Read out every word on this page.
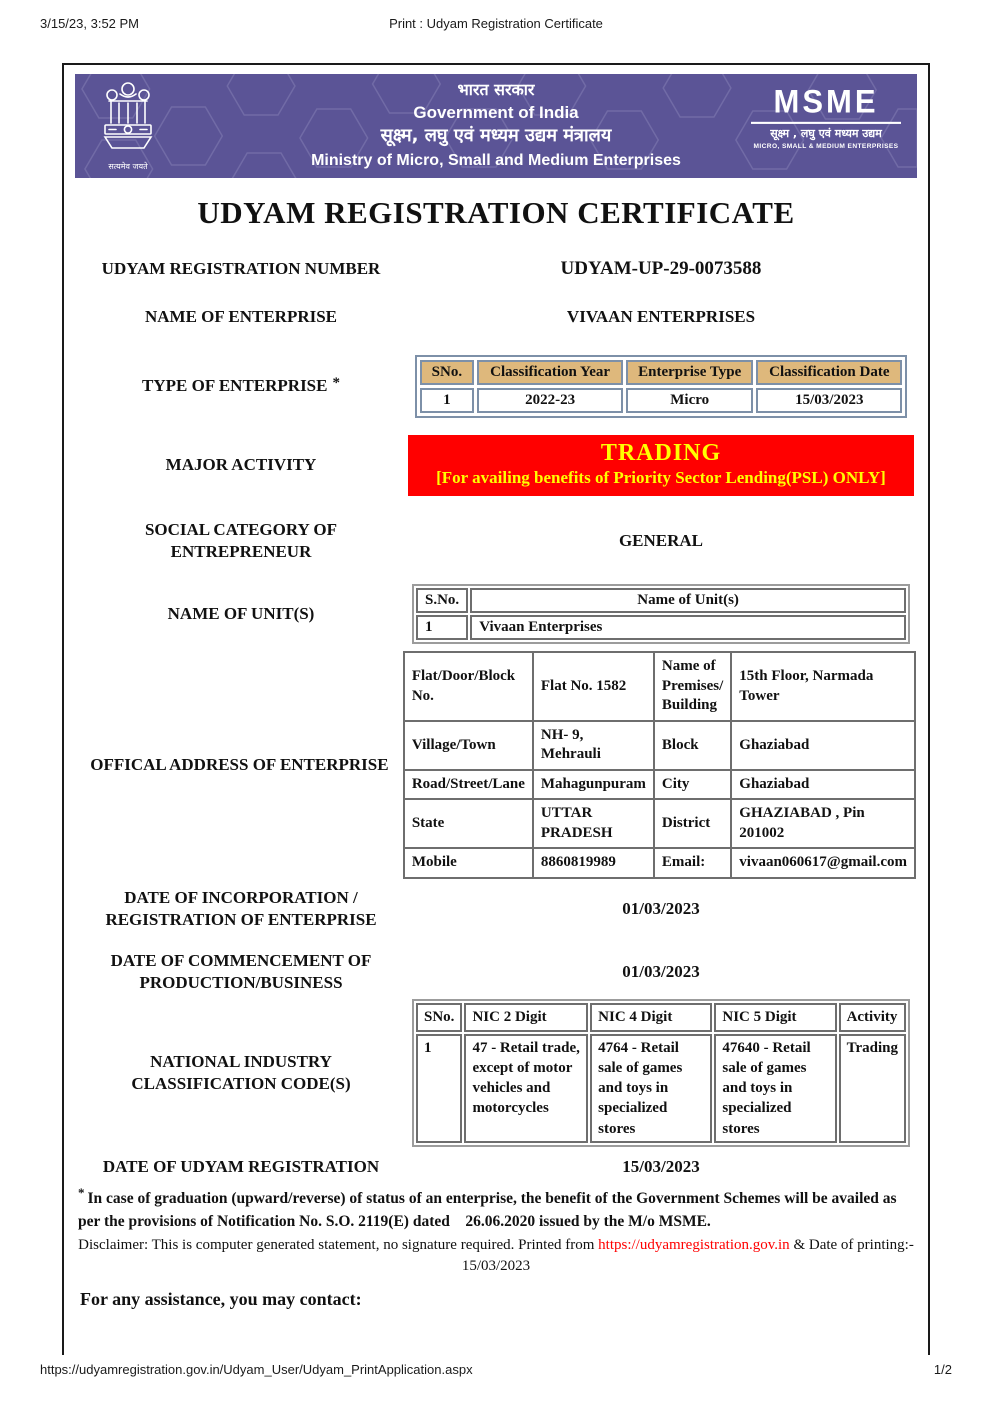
3/15/23, 3:52 PM	Print : Udyam Registration Certificate
सत्यमेव जयते
भारत सरकार
Government of India
सूक्ष्म, लघु एवं मध्यम उद्यम मंत्रालय
Ministry of Micro, Small and Medium Enterprises
MSME
सूक्ष्म , लघु एवं मध्यम उद्यम
MICRO, SMALL & MEDIUM ENTERPRISES
UDYAM REGISTRATION CERTIFICATE
UDYAM REGISTRATION NUMBER	UDYAM-UP-29-0073588
NAME OF ENTERPRISE	VIVAAN ENTERPRISES
TYPE OF ENTERPRISE *
SNo.	Classification Year	Enterprise Type	Classification Date
1	2022-23	Micro	15/03/2023
MAJOR ACTIVITY	TRADING
[For availing benefits of Priority Sector Lending(PSL) ONLY]
SOCIAL CATEGORY OF ENTREPRENEUR
GENERAL
NAME OF UNIT(S)
S.No.	Name of Unit(s)
1	Vivaan Enterprises
OFFICAL ADDRESS OF ENTERPRISE
Flat/Door/Block No.	Flat No. 1582	Name of Premises/ Building	15th Floor, Narmada Tower
Village/Town	NH- 9, Mehrauli	Block	Ghaziabad
Road/Street/Lane	Mahagunpuram	City	Ghaziabad
State	UTTAR PRADESH	District	GHAZIABAD , Pin 201002
Mobile	8860819989	Email:	vivaan060617@gmail.com
DATE OF INCORPORATION / REGISTRATION OF ENTERPRISE
01/03/2023
DATE OF COMMENCEMENT OF PRODUCTION/BUSINESS
01/03/2023
NATIONAL INDUSTRY CLASSIFICATION CODE(S)
SNo.	NIC 2 Digit	NIC 4 Digit	NIC 5 Digit	Activity
1	47 - Retail trade, except of motor vehicles and motorcycles	4764 - Retail sale of games and toys in specialized stores	47640 - Retail sale of games and toys in specialized stores	Trading
DATE OF UDYAM REGISTRATION	15/03/2023
* In case of graduation (upward/reverse) of status of an enterprise, the benefit of the Government Schemes will be availed as per the provisions of Notification No. S.O. 2119(E) dated    26.06.2020 issued by the M/o MSME.
Disclaimer: This is computer generated statement, no signature required. Printed from https://udyamregistration.gov.in & Date of printing:-
15/03/2023
For any assistance, you may contact:
https://udyamregistration.gov.in/Udyam_User/Udyam_PrintApplication.aspx	1/2
